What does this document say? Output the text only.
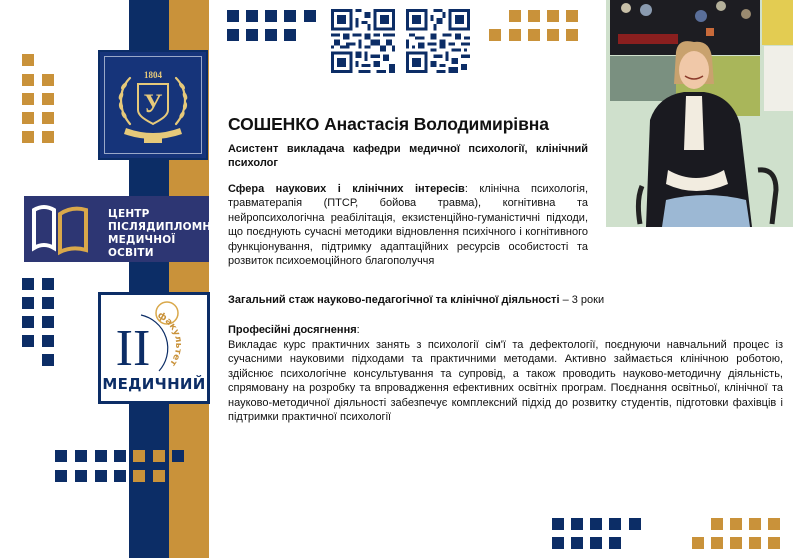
1804
У
ЦЕНТР
ПІСЛЯДИПЛОМНОЇ
МЕДИЧНОЇ ОСВІТИ
II
факультет
МЕДИЧНИЙ
СОШЕНКО Анастасія Володимирівна
Асистент викладача кафедри медичної психології, клінічний психолог
Сфера наукових і клінічних інтересів: клінічна психологія, травматерапія (ПТСР, бойова травма), когнітивна та нейропсихологічна реабілітація, екзистенційно-гуманістичні підходи, що поєднують сучасні методики відновлення психічного і когнітивного функціонування, підтримку адаптаційних ресурсів особистості та розвиток психоемоційного благополуччя
Загальний стаж науково-педагогічної та клінічної діяльності – 3 роки
Професійні досягнення:
Викладає курс практичних занять з психології сім'ї та дефектології, поєднуючи навчальний процес із сучасними науковими підходами та практичними методами. Активно займається клінічною роботою, здійснює психологічне консультування та супровід, а також проводить науково-методичну діяльність, спрямовану на розробку та впровадження ефективних освітніх програм. Поєднання освітньої, клінічної та науково-методичної діяльності забезпечує комплексний підхід до розвитку студентів, підготовки фахівців і підтримки практичної психології
